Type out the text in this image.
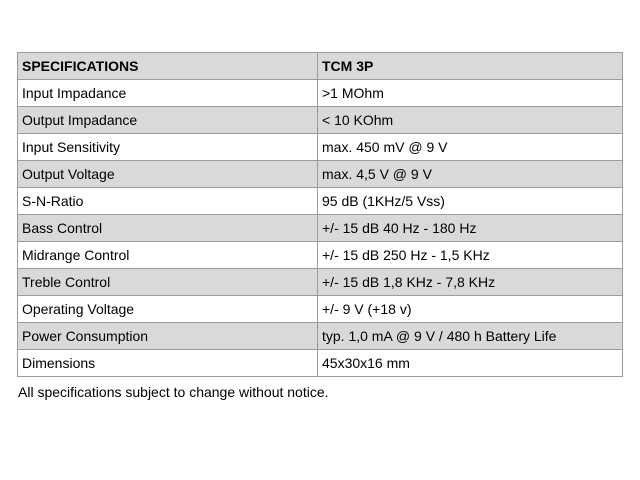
SPECIFICATIONS	TCM 3P
Input Impadance	>1 MOhm
Output Impadance	< 10 KOhm
Input Sensitivity	max. 450 mV @ 9 V
Output Voltage	max. 4,5 V @ 9 V
S-N-Ratio	95 dB (1KHz/5 Vss)
Bass Control	+/- 15 dB 40 Hz - 180 Hz
Midrange Control	+/- 15 dB 250 Hz - 1,5 KHz
Treble Control	+/- 15 dB 1,8 KHz - 7,8 KHz
Operating Voltage	+/- 9 V (+18 v)
Power Consumption	typ. 1,0 mA @ 9 V / 480 h Battery Life
Dimensions	45x30x16 mm
All specifications subject to change without notice.
